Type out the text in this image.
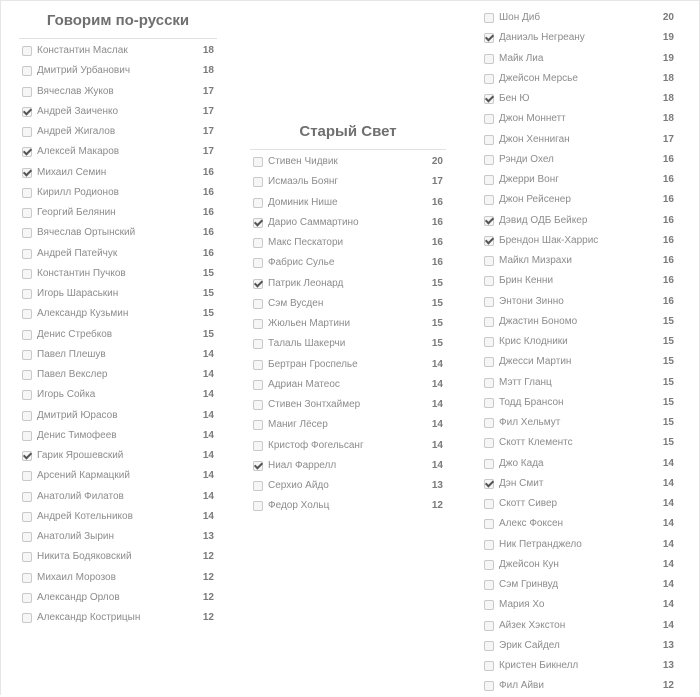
Говорим по-русски
Константин Маслак	18
Дмитрий Урбанович	18
Вячеслав Жуков	17
Андрей Заиченко	17
Андрей Жигалов	17
Алексей Макаров	17
Михаил Семин	16
Кирилл Родионов	16
Георгий Белянин	16
Вячеслав Ортынский	16
Андрей Патейчук	16
Константин Пучков	15
Игорь Шараськин	15
Александр Кузьмин	15
Денис Стребков	15
Павел Плешув	14
Павел Векслер	14
Игорь Сойка	14
Дмитрий Юрасов	14
Денис Тимофеев	14
Гарик Ярошевский	14
Арсений Кармацкий	14
Анатолий Филатов	14
Андрей Котельников	14
Анатолий Зырин	13
Никита Бодяковский	12
Михаил Морозов	12
Александр Орлов	12
Александр Кострицын	12
Старый Свет
Стивен Чидвик	20
Исмаэль Боянг	17
Доминик Нише	16
Дарио Саммартино	16
Макс Пескатори	16
Фабрис Сульe	16
Патрик Леонард	15
Сэм Вусден	15
Жюльен Мартини	15
Талаль Шакерчи	15
Бертран Гроспелье	14
Адриан Матеос	14
Стивен Зонтхаймер	14
Маниг Лёсер	14
Кристоф Фогельсанг	14
Ниал Фаррелл	14
Серхио Айдо	13
Федор Хольц	12
Шон Диб	20
Даниэль Негреану	19
Майк Лиа	19
Джейсон Мерсье	18
Бен Ю	18
Джон Моннетт	18
Джон Хенниган	17
Рэнди Охел	16
Джерри Вонг	16
Джон Рейсенер	16
Дэвид ОДБ Бейкер	16
Брендон Шак-Харрис	16
Майкл Мизрахи	16
Брин Кенни	16
Энтони Зинно	16
Джастин Бономо	15
Крис Клодники	15
Джесси Мартин	15
Мэтт Гланц	15
Тодд Брансон	15
Фил Хельмут	15
Скотт Клементс	15
Джо Када	14
Дэн Смит	14
Скотт Сивер	14
Алекс Фоксен	14
Ник Петранджело	14
Джейсон Кун	14
Сэм Гринвуд	14
Мария Хо	14
Айзек Хэкстон	14
Эрик Сайдел	13
Кристен Бикнелл	13
Фил Айви	12
